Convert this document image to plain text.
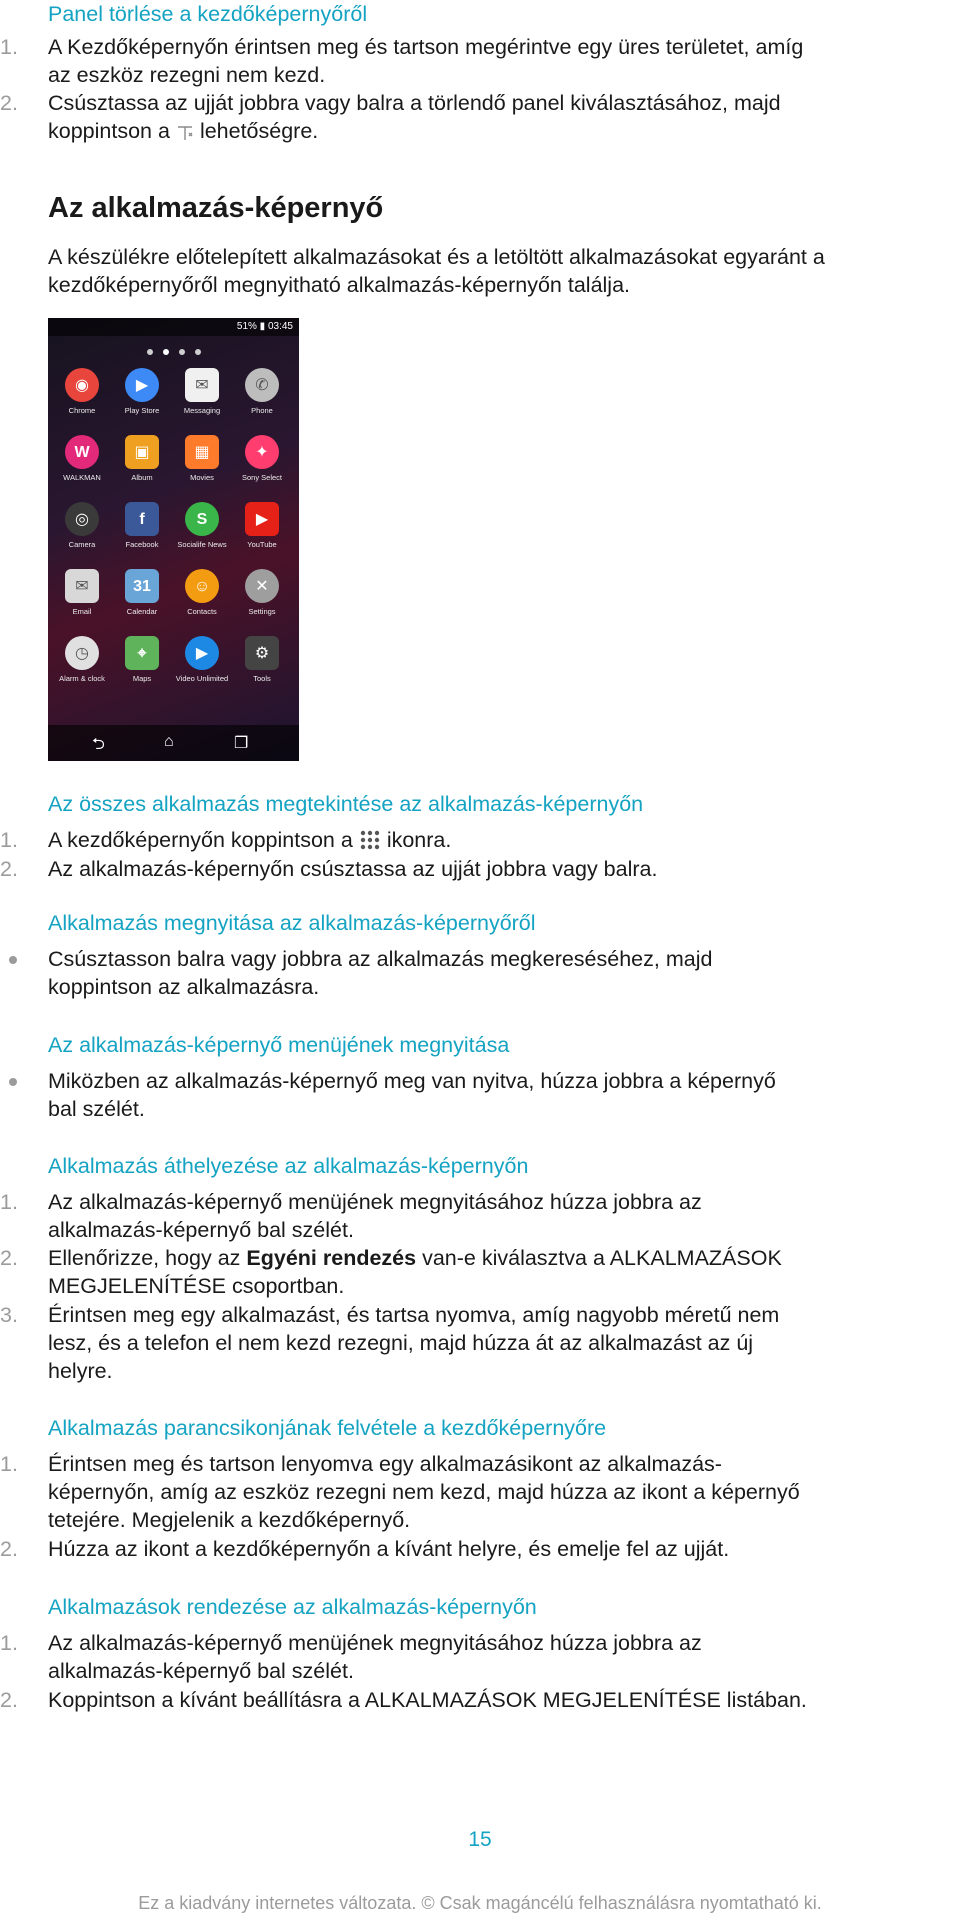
Panel törlése a kezdőképernyőről
1.	A Kezdőképernyőn érintsen meg és tartson megérintve egy üres területet, amíg
az eszköz rezegni nem kezd.
2.	Csúsztassa az ujját jobbra vagy balra a törlendő panel kiválasztásához, majd
koppintson a lehetőségre.
Az alkalmazás-képernyő

A készülékre előtelepített alkalmazásokat és a letöltött alkalmazásokat egyaránt a kezdőképernyőről megnyitható alkalmazás-képernyőn találja.

51% ▮ 03:45
◉
Chrome
▶
Play Store
✉
Messaging
✆
Phone
W
WALKMAN
▣
Album
▦
Movies
✦
Sony Select
◎
Camera
f
Facebook
S
Socialife News
▶
YouTube
✉
Email
31
Calendar
☺
Contacts
✕
Settings
◷
Alarm & clock
⌖
Maps
▶
Video Unlimited
⚙
Tools
⮌	⌂	❐
Az összes alkalmazás megtekintése az alkalmazás-képernyőn
1.	A kezdőképernyőn koppintson a ikonra.
2.	Az alkalmazás-képernyőn csúsztassa az ujját jobbra vagy balra.
Alkalmazás megnyitása az alkalmazás-képernyőről
Csúsztasson balra vagy jobbra az alkalmazás megkereséséhez, majd
koppintson az alkalmazásra.
Az alkalmazás-képernyő menüjének megnyitása
Miközben az alkalmazás-képernyő meg van nyitva, húzza jobbra a képernyő
bal szélét.
Alkalmazás áthelyezése az alkalmazás-képernyőn
1.	Az alkalmazás-képernyő menüjének megnyitásához húzza jobbra az
alkalmazás-képernyő bal szélét.
2.	Ellenőrizze, hogy az Egyéni rendezés van-e kiválasztva a ALKALMAZÁSOK
MEGJELENÍTÉSE csoportban.
3.	Érintsen meg egy alkalmazást, és tartsa nyomva, amíg nagyobb méretű nem
lesz, és a telefon el nem kezd rezegni, majd húzza át az alkalmazást az új
helyre.
Alkalmazás parancsikonjának felvétele a kezdőképernyőre
1.	Érintsen meg és tartson lenyomva egy alkalmazásikont az alkalmazás-
képernyőn, amíg az eszköz rezegni nem kezd, majd húzza az ikont a képernyő
tetejére. Megjelenik a kezdőképernyő.
2.	Húzza az ikont a kezdőképernyőn a kívánt helyre, és emelje fel az ujját.
Alkalmazások rendezése az alkalmazás-képernyőn
1.	Az alkalmazás-képernyő menüjének megnyitásához húzza jobbra az
alkalmazás-képernyő bal szélét.
2.	Koppintson a kívánt beállításra a ALKALMAZÁSOK MEGJELENÍTÉSE listában.
15
Ez a kiadvány internetes változata. © Csak magáncélú felhasználásra nyomtatható ki.
